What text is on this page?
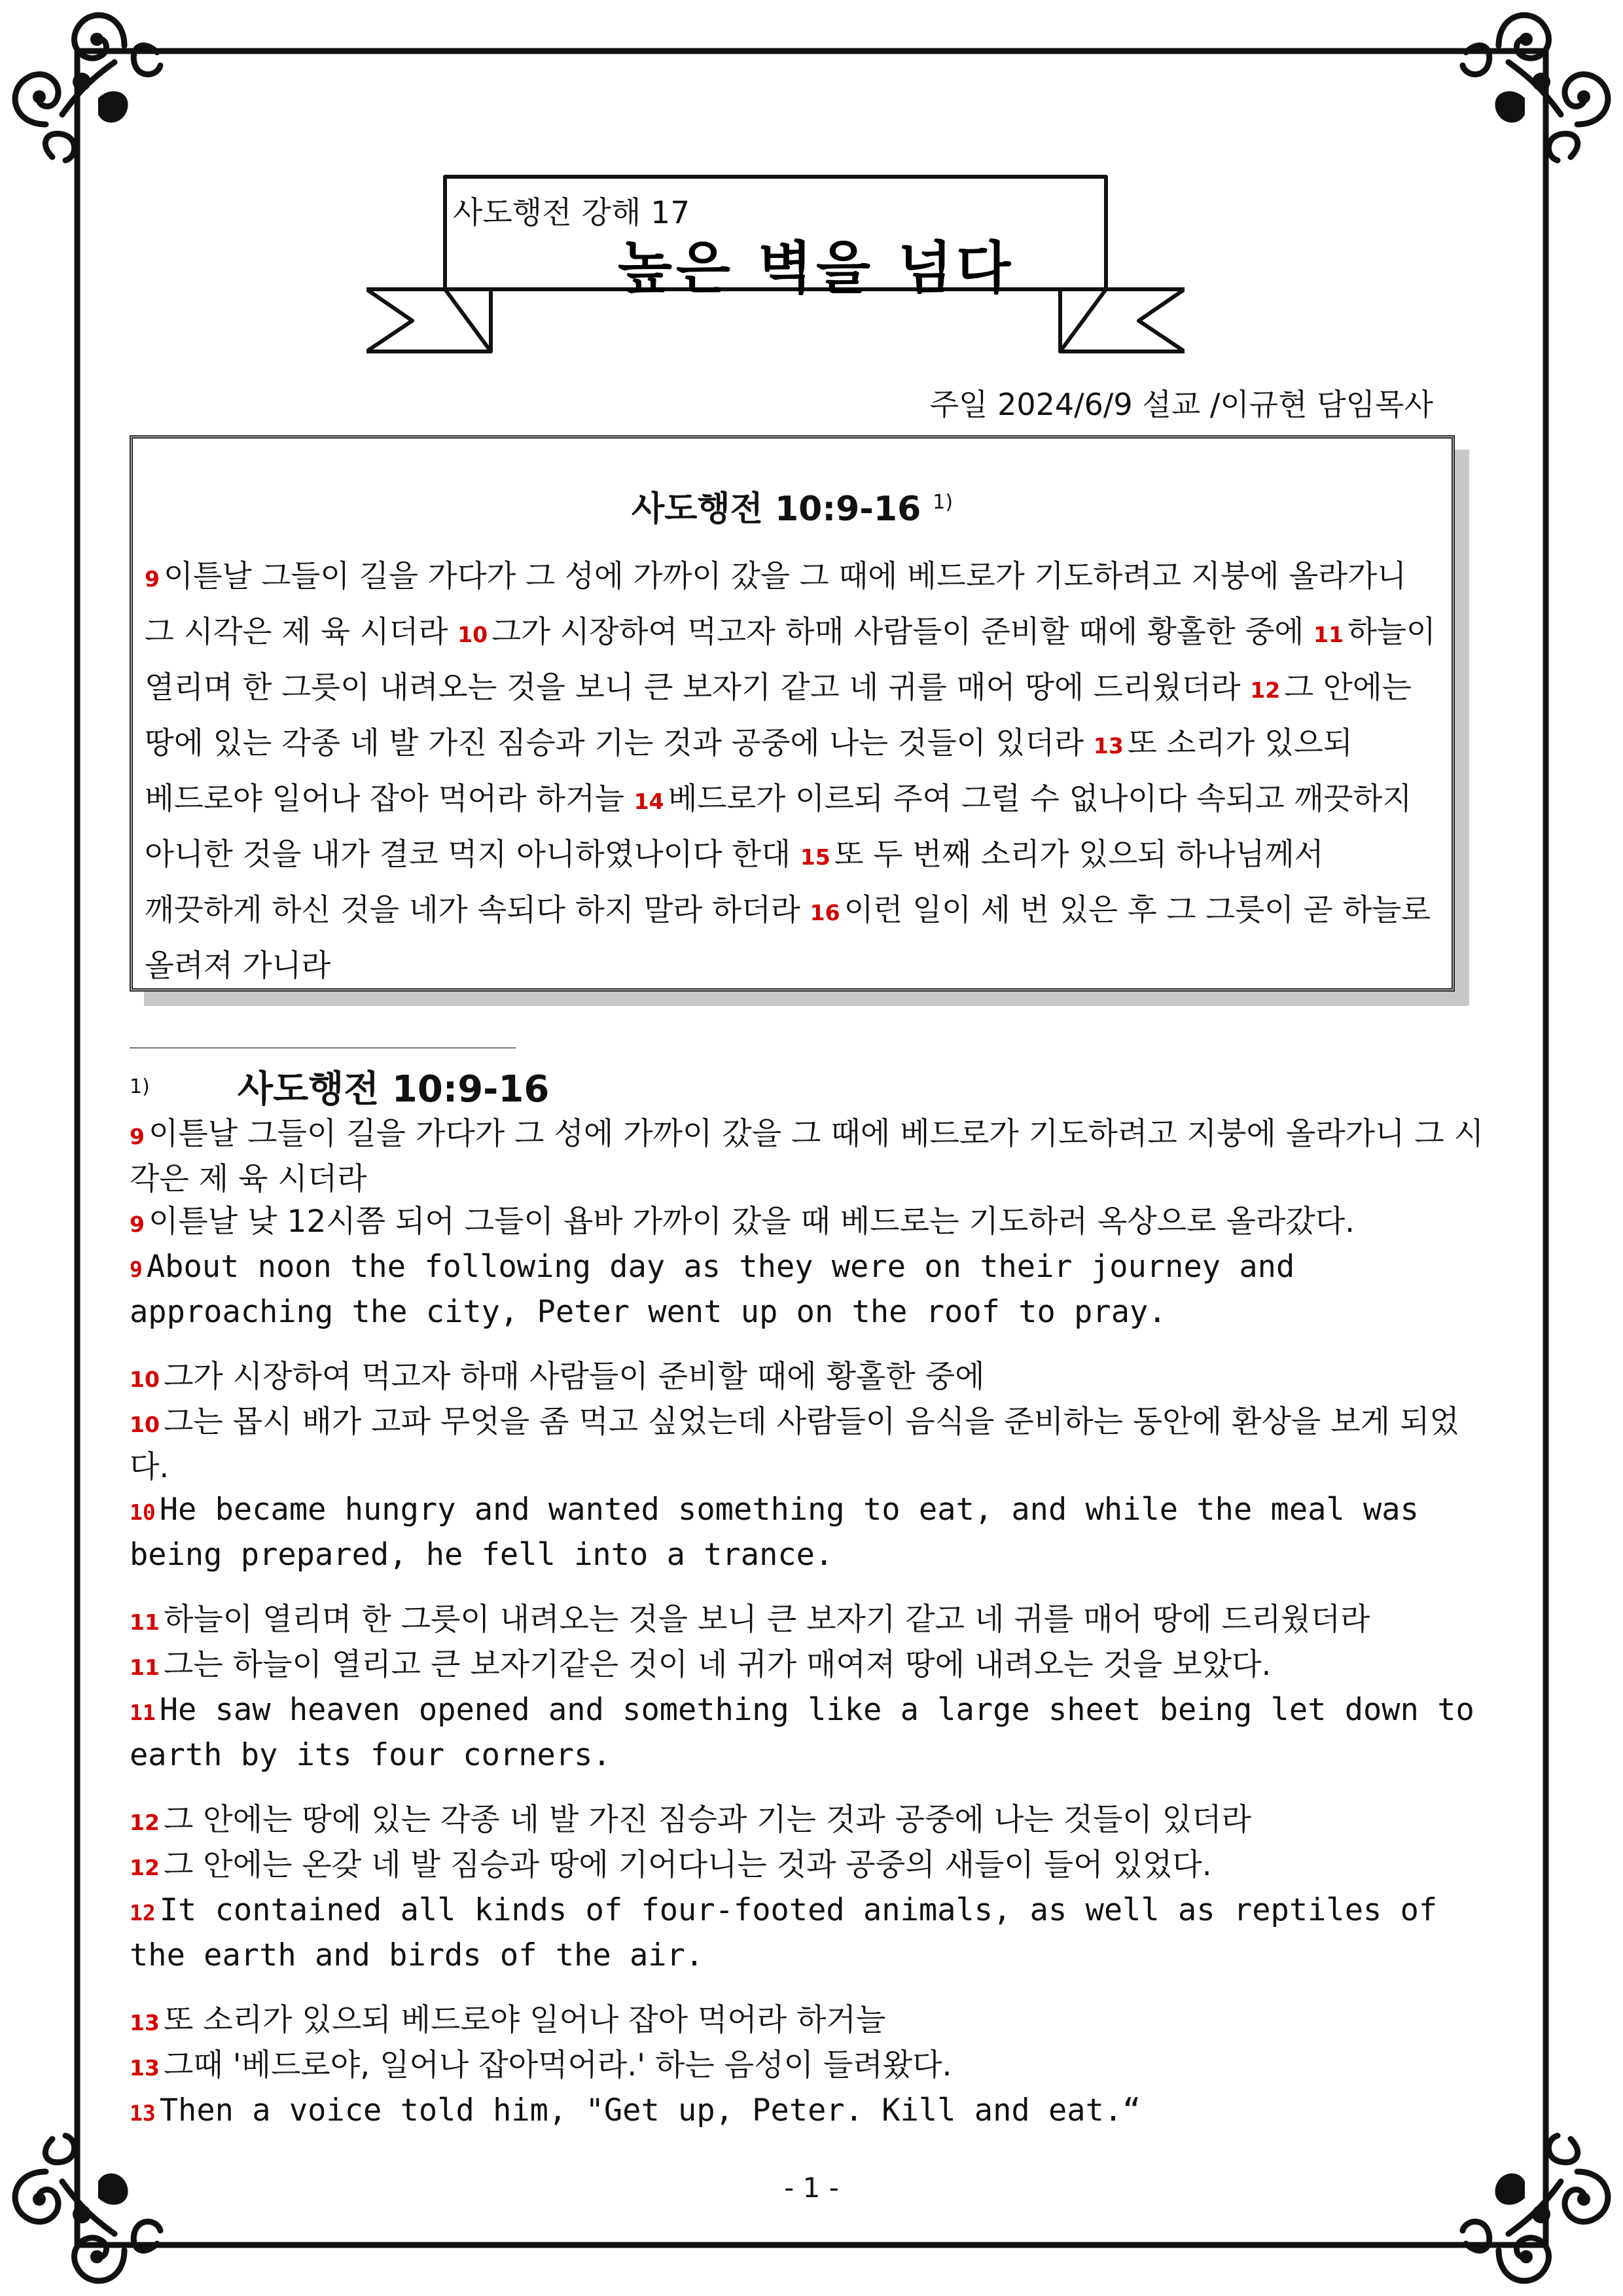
사도행전 강해 17
높은 벽을 넘다
주일 2024/6/9 설교 /이규현 담임목사
사도행전 10:9-16 $^{1)}$
9 이튿날 그들이 길을 가다가 그 성에 가까이 갔을 그 때에 베드로가 기도하려고 지붕에 올라가니 그 시각은 제 육 시더라 10 그가 시장하여 먹고자 하매 사람들이 준비할 때에 황홀한 중에 11 하늘이 열리며 한 그릇이 내려오는 것을 보니 큰 보자기 같고 네 귀를 매어 땅에 드리웠더라 12 그 안에는 땅에 있는 각종 네 발 가진 짐승과 기는 것과 공중에 나는 것들이 있더라 13 또 소리가 있으되 베드로야 일어나 잡아 먹어라 하거늘 14 베드로가 이르되 주여 그럴 수 없나이다 속되고 깨끗하지 아니한 것을 내가 결코 먹지 아니하였나이다 한대 15 또 두 번째 소리가 있으되 하나님께서 깨끗하게 하신 것을 네가 속되다 하지 말라 하더라 16 이런 일이 세 번 있은 후 그 그릇이 곧 하늘로 올려져 가니라
1)	사도행전 10:9-16
9 이튿날 그들이 길을 가다가 그 성에 가까이 갔을 그 때에 베드로가 기도하려고 지붕에 올라가니 그 시각은 제 육 시더라
9 이튿날 낮 12시쯤 되어 그들이 욥바 가까이 갔을 때 베드로는 기도하러 옥상으로 올라갔다.
9 About noon the following day as they were on their journey and approaching the city, Peter went up on the roof to pray.
10 그가 시장하여 먹고자 하매 사람들이 준비할 때에 황홀한 중에
10 그는 몹시 배가 고파 무엇을 좀 먹고 싶었는데 사람들이 음식을 준비하는 동안에 환상을 보게 되었다.
10 He became hungry and wanted something to eat, and while the meal was being prepared, he fell into a trance.
11 하늘이 열리며 한 그릇이 내려오는 것을 보니 큰 보자기 같고 네 귀를 매어 땅에 드리웠더라
11 그는 하늘이 열리고 큰 보자기같은 것이 네 귀가 매여져 땅에 내려오는 것을 보았다.
11 He saw heaven opened and something like a large sheet being let down to earth by its four corners.
12 그 안에는 땅에 있는 각종 네 발 가진 짐승과 기는 것과 공중에 나는 것들이 있더라
12 그 안에는 온갖 네 발 짐승과 땅에 기어다니는 것과 공중의 새들이 들어 있었다.
12 It contained all kinds of four-footed animals, as well as reptiles of the earth and birds of the air.
13 또 소리가 있으되 베드로야 일어나 잡아 먹어라 하거늘
13 그때 '베드로야, 일어나 잡아먹어라.' 하는 음성이 들려왔다.
13 Then a voice told him, "Get up, Peter. Kill and eat.“
- 1 -
